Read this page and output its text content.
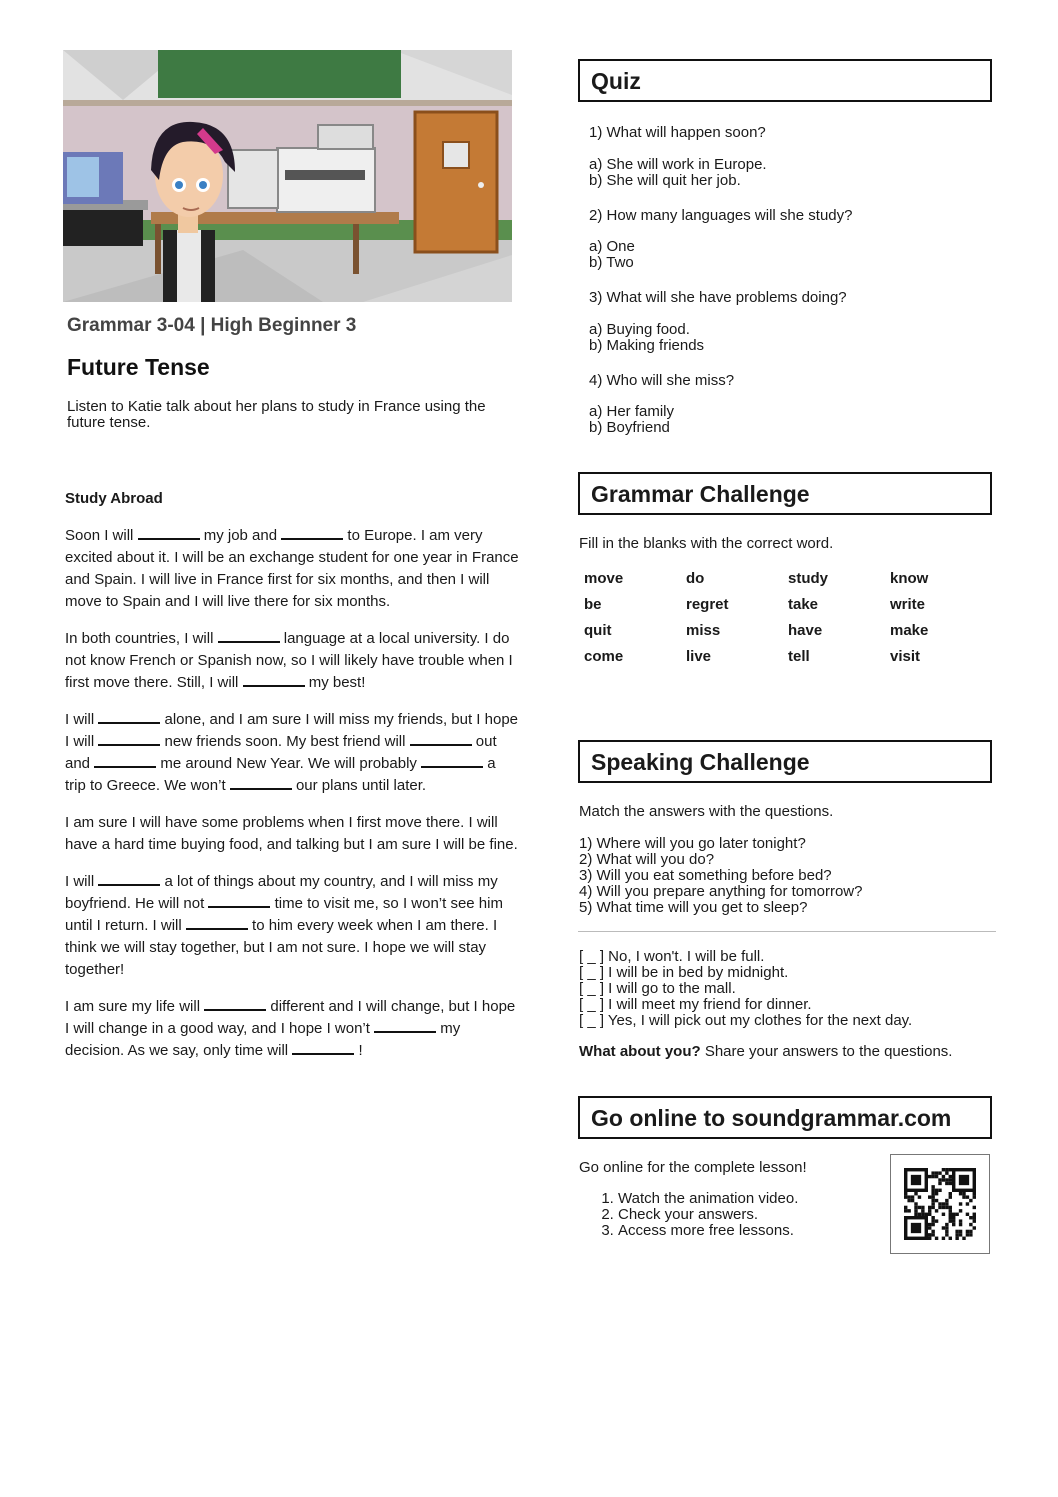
Grammar 3-04 | High Beginner 3
Future Tense
Listen to Katie talk about her plans to study in France using the future tense.
Study Abroad

Soon I will	my job and	to Europe. I am very excited about it. I will be an exchange student for one year in France and Spain. I will live in France first for six months, and then I will move to Spain and I will live there for six months.

In both countries, I will	language at a local university. I do not know French or Spanish now, so I will likely have trouble when I first move there. Still, I will	my best!

I will	alone, and I am sure I will miss my friends, but I hope I will	new friends soon. My best friend will	out and	me around New Year. We will probably	a trip to Greece. We won’t	our plans until later.

I am sure I will have some problems when I first move there. I will have a hard time buying food, and talking but I am sure I will be fine.

I will	a lot of things about my country, and I will miss my boyfriend. He will not	time to visit me, so I won’t see him until I return. I will	to him every week when I am there. I think we will stay together, but I am not sure. I hope we will stay together!

I am sure my life will	different and I will change, but I hope I will change in a good way, and I hope I won’t	my decision. As we say, only time will	!

Quiz
1) What will happen soon?
a) She will work in Europe.
b) She will quit her job.
2) How many languages will she study?
a) One
b) Two
3) What will she have problems doing?
a) Buying food.
b) Making friends
4) Who will she miss?
a) Her family
b) Boyfriend
Grammar Challenge
Fill in the blanks with the correct word.
move	do	study	know
be	regret	take	write
quit	miss	have	make
come	live	tell	visit
Speaking Challenge
Match the answers with the questions.
1) Where will you go later tonight?
2) What will you do?
3) Will you eat something before bed?
4) Will you prepare anything for tomorrow?
5) What time will you get to sleep?
[ _ ] No, I won't. I will be full.
[ _ ] I will be in bed by midnight.
[ _ ] I will go to the mall.
[ _ ] I will meet my friend for dinner.
[ _ ] Yes, I will pick out my clothes for the next day.
What about you? Share your answers to the questions.
Go online to soundgrammar.com
Go online for the complete lesson!
1. Watch the animation video.
2. Check your answers.
3. Access more free lessons.
